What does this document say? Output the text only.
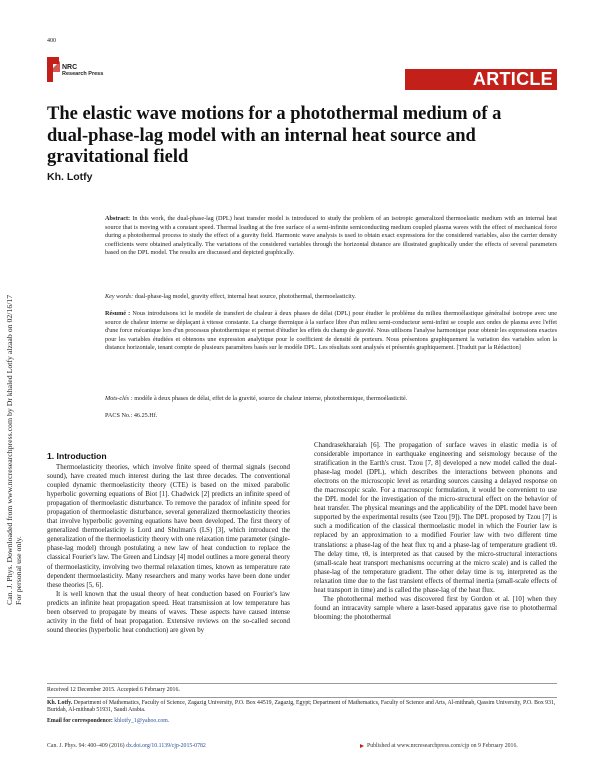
400
NRC
Research Press	ARTICLE
The elastic wave motions for a photothermal medium of a dual-phase-lag model with an internal heat source and gravitational field
Kh. Lotfy
Can. J. Phys. Downloaded from www.nrcresearchpress.com by Dr khaled Lotfy alzaab on 02/16/17 For personal use only.
Abstract: In this work, the dual-phase-lag (DPL) heat transfer model is introduced to study the problem of an isotropic generalized thermoelastic medium with an internal heat source that is moving with a constant speed. Thermal loading at the free surface of a semi-infinite semiconducting medium coupled plasma waves with the effect of mechanical force during a photothermal process to study the effect of a gravity field. Harmonic wave analysis is used to obtain exact expressions for the considered variables, also the carrier density coefficients were obtained analytically. The variations of the considered variables through the horizontal distance are illustrated graphically under the effects of several parameters based on the DPL model. The results are discussed and depicted graphically.
Key words: dual-phase-lag model, gravity effect, internal heat source, photothermal, thermoelasticity.
Résumé : Nous introduisons ici le modèle de transfert de chaleur à deux phases de délai (DPL) pour étudier le problème du milieu thermoélastique généralisé isotrope avec une source de chaleur interne se déplaçant à vitesse constante. La charge thermique à la surface libre d'un milieu semi-conducteur semi-infini se couple aux ondes de plasma avec l'effet d'une force mécanique lors d'un processus photothermique et permet d'étudier les effets du champ de gravité. Nous utilisons l'analyse harmonique pour obtenir les expressions exactes pour les variables étudiées et obtenons une expression analytique pour le coefficient de densité de porteurs. Nous présentons graphiquement la variation des variables selon la distance horizontale, tenant compte de plusieurs paramètres basés sur le modèle DPL. Les résultats sont analysés et présentés graphiquement. [Traduit par la Rédaction]
Mots-clés : modèle à deux phases de délai, effet de la gravité, source de chaleur interne, photothermique, thermoélasticité.
PACS No.: 46.25.Hf.
1. Introduction

Thermoelasticity theories, which involve finite speed of thermal signals (second sound), have created much interest during the last three decades. The conventional coupled dynamic thermoelasticity theory (CTE) is based on the mixed parabolic hyperbolic governing equations of Biot [1]. Chadwick [2] predicts an infinite speed of propagation of thermoelastic disturbance. To remove the paradox of infinite speed for propagation of thermoelastic disturbance, several generalized thermoelasticity theories that involve hyperbolic governing equations have been developed. The first theory of generalized thermoelasticity is Lord and Shulman's (LS) [3], which introduced the generalization of the thermoelasticity theory with one relaxation time parameter (single-phase-lag model) through postulating a new law of heat conduction to replace the classical Fourier's law. The Green and Lindsay [4] model outlines a more general theory of thermoelasticity, involving two thermal relaxation times, known as temperature rate dependent thermoelasticity. Many researchers and many works have been done under these theories [5, 6].

It is well known that the usual theory of heat conduction based on Fourier's law predicts an infinite heat propagation speed. Heat transmission at low temperature has been observed to propagate by means of waves. These aspects have caused intense activity in the field of heat propagation. Extensive reviews on the so-called second sound theories (hyperbolic heat conduction) are given by

Chandrasekharaiah [6]. The propagation of surface waves in elastic media is of considerable importance in earthquake engineering and seismology because of the stratification in the Earth's crust. Tzou [7, 8] developed a new model called the dual-phase-lag model (DPL), which describes the interactions between phonons and electrons on the microscopic level as retarding sources causing a delayed response on the macroscopic scale. For a macroscopic formulation, it would be convenient to use the DPL model for the investigation of the micro-structural effect on the behavior of heat transfer. The physical meanings and the applicability of the DPL model have been supported by the experimental results (see Tzou [9]). The DPL proposed by Tzou [7] is such a modification of the classical thermoelastic model in which the Fourier law is replaced by an approximation to a modified Fourier law with two different time translations: a phase-lag of the heat flux τq and a phase-lag of temperature gradient τθ. The delay time, τθ, is interpreted as that caused by the micro-structural interactions (small-scale heat transport mechanisms occurring at the micro scale) and is called the phase-lag of the temperature gradient. The other delay time is τq, interpreted as the relaxation time due to the fast transient effects of thermal inertia (small-scale effects of heat transport in time) and is called the phase-lag of the heat flux.

The photothermal method was discovered first by Gordon et al. [10] when they found an intracavity sample where a laser-based apparatus gave rise to photothermal blooming: the photothermal

Received 12 December 2015. Accepted 6 February 2016.
Kh. Lotfy. Department of Mathematics, Faculty of Science, Zagazig University, P.O. Box 44519, Zagazig, Egypt; Department of Mathematics, Faculty of Science and Arts, Al-mithnab, Qassim University, P.O. Box 931, Buridah, Al-mithnab 51931, Saudi Arabia.
Email for correspondence: khlotfy_1@yahoo.com.
Can. J. Phys. 94: 400–409 (2016) dx.doi.org/10.1139/cjp-2015-0782	Published at www.nrcresearchpress.com/cjp on 9 February 2016.
